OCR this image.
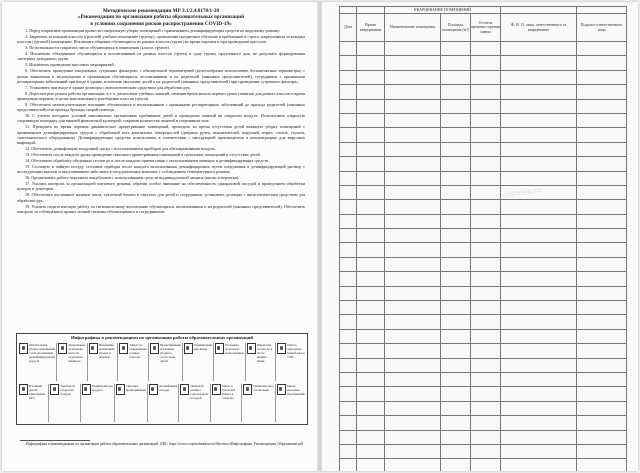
Методические рекомендации МР 3.1/2.4.0178/1-20
«Рекомендации по организации работы образовательных организаций
в условиях сохранения рисков распространения COVID-19»

1. Перед открытием организации провести генеральную уборку помещений с применением дезинфицирующих средств по вирусному режиму.

2. Закрепить за каждым классом (группой) учебное помещение (группу), организовав предметное обучение и пребывание в строго закрепленном за каждым классом (группой) помещении. Исключить общение обучающихся из разных классов (групп) во время перемен и при проведении прогулок.

3. По возможности сократить число обучающихся в помещении (классе, группе).

4. Исключить объединение обучающихся и воспитанников из разных классов (групп) в одну группу продленного дня, не допускать формирования «вечерних дежурных» групп.

5. Исключить проведение массовых мероприятий.

6. Обеспечить проведение ежедневных «утренних фильтров» с обязательной термометрией (целесообразно использовать бесконтактные термометры) с целью выявления и недопущения в организации обучающихся, воспитанников и их родителей (законных представителей), сотрудников с признаками респираторных заболеваний при входе в здание, исключив скопление детей и их родителей (законных представителей) при проведении «утреннего фильтра».

7. Установить при входе в здание дозаторы с антисептическим средством для обработки рук.

8. Пересмотреть режим работы организации, в т. ч. расписание учебных занятий, изменив время начала первого урока (занятия) для разных классов и время проведения перемен, в целях максимального разобщения классов (групп).

9. Обеспечить незамедлительную изоляцию обучающихся и воспитанников с признаками респираторных заболеваний до прихода родителей (законных представителей) или приезда бригады скорой помощи.

10. С учетом погодных условий максимально организовать пребывание детей и проведение занятий на открытом воздухе. Использовать открытую спортивную площадку для занятий физической культурой, сократив количество занятий в спортивном зале.

11. Проводить во время перемен динамическое проветривание помещений, проводить во время отсутствия детей влажную уборку помещений с применением дезинфицирующих средств с обработкой всех контактных поверхностей (дверных ручек, выключателей, поручней, перил, столов, стульев, сантехнического оборудования). Дезинфицирующие средства использовать в соответствии с инструкцией производителя в концентрациях для вирусных инфекций.

12. Обеспечить дезинфекцию воздушной среды с использованием приборов для обеззараживания воздуха.

13. Обеспечить после каждого урока проведение сквозного проветривания помещений и групповых помещений в отсутствие детей.

14. Обеспечить обработку обеденных столов до и после каждого приема пищи с использованием моющих и дезинфицирующих средств.

15. Столовую и чайную посуду, столовые приборы после каждого использования дезинфицировать путем погружения в дезинфицирующий раствор с последующим мытьем и высушиванием либо мыть в посудомоечных машинах с соблюдением температурного режима.

16. Организовать работу персонала пищеблоков с использованием средств индивидуальной защиты (маски и перчатки).

17. Усилить контроль за организацией питьевого режима, обратив особое внимание на обеспеченность одноразовой посудой и проведением обработки кулеров и дозаторов.

18. Обеспечить постоянное наличие мыла, туалетной бумаги в санузлах для детей и сотрудников, установить дозаторы с антисептическим средством для обработки рук.

19. Усилить педагогическую работу по гигиеническому воспитанию обучающихся, воспитанников и их родителей (законных представителей). Обеспечить контроль за соблюдением правил личной гигиены обучающимися и сотрудниками.

Инфографика к рекомендациям по организации работы образовательных организаций
Обязательная уборка помещений с использованием дезинфицирующих средств
Закрепление за каждым классом отдельного кабинета
Изменение расписания уроков и перемен
Запрет на объединение разных классов
Проветривание и влажная уборка в отсутствие детей
Термометрия при входе
Установка дозаторов с антисептиком
Обработка столов до и после приема пищи
Работа персонала пищеблока в СИЗ
Изоляция детей с признаками ОРЗ
Занятия на открытом воздухе
Рециркуляторы воздуха
Сквозное проветривание
Дезинфекция посуды
Питьевой режим с одноразовой посудой
Мыло и туалетная бумага в санузлах
Гигиеническое воспитание
Запрет массовых мероприятий
Инфографика к рекомендациям по организации работы образовательных организаций. URL: https://www.rospotrebnadzor.ru/files/news/Инфографика_Рекомендации_Образование.pdf
		КВАРЦЕВАНИЕ ПОМЕЩЕНИЙ				
Дата	Время кварцевания	Наименование помещения	Площадь помещения (м²)	Остаток времени горения лампы	Ф. И. О. лица, ответственного за кварцевание	Подпись ответственного лица

ofisnova.ru
